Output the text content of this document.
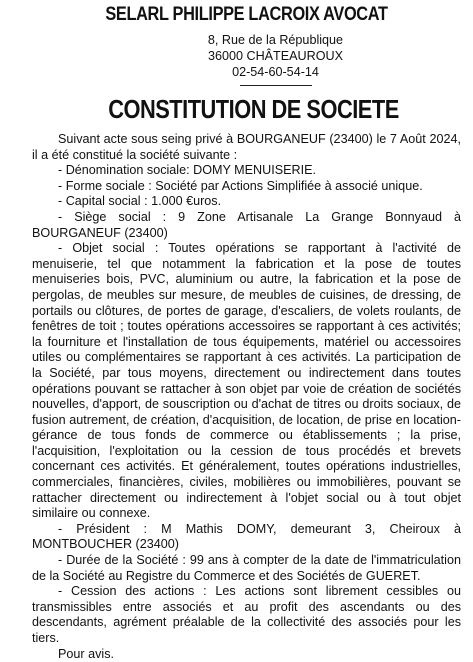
SELARL PHILIPPE LACROIX AVOCAT
8, Rue de la République
36000 CHÂTEAUROUX
02-54-60-54-14
CONSTITUTION DE SOCIETE

Suivant acte sous seing privé à BOURGANEUF (23400) le 7 Août 2024, il a été constitué la société suivante :

- Dénomination sociale: DOMY MENUISERIE.

- Forme sociale : Société par Actions Simplifiée à associé unique.

- Capital social : 1.000 €uros.

- Siège social : 9 Zone Artisanale La Grange Bonnyaud à BOURGANEUF (23400)

- Objet social : Toutes opérations se rapportant à l'activité de menuiserie, tel que notamment la fabrication et la pose de toutes menuiseries bois, PVC, aluminium ou autre, la fabrication et la pose de pergolas, de meubles sur mesure, de meubles de cuisines, de dressing, de portails ou clôtures, de portes de garage, d'escaliers, de volets roulants, de fenêtres de toit ; toutes opérations accessoires se rapportant à ces activités; la fourniture et l'installation de tous équipements, matériel ou accessoires utiles ou complémentaires se rapportant à ces activités. La participation de la Société, par tous moyens, directement ou indirectement dans toutes opérations pouvant se rattacher à son objet par voie de création de sociétés nouvelles, d'apport, de souscription ou d'achat de titres ou droits sociaux, de fusion autrement, de création, d'acquisition, de location, de prise en location-gérance de tous fonds de commerce ou établissements ; la prise, l'acquisition, l'exploitation ou la cession de tous procédés et brevets concernant ces activités. Et généralement, toutes opérations industrielles, commerciales, financières, civiles, mobilières ou immobilières, pouvant se rattacher directement ou indirectement à l'objet social ou à tout objet similaire ou connexe.

- Président : M Mathis DOMY, demeurant 3, Cheiroux à MONTBOUCHER (23400)

- Durée de la Société : 99 ans à compter de la date de l'immatriculation de la Société au Registre du Commerce et des Sociétés de GUERET.

- Cession des actions : Les actions sont librement cessibles ou transmissibles entre associés et au profit des ascendants ou des descendants, agrément préalable de la collectivité des associés pour les tiers.

Pour avis.
